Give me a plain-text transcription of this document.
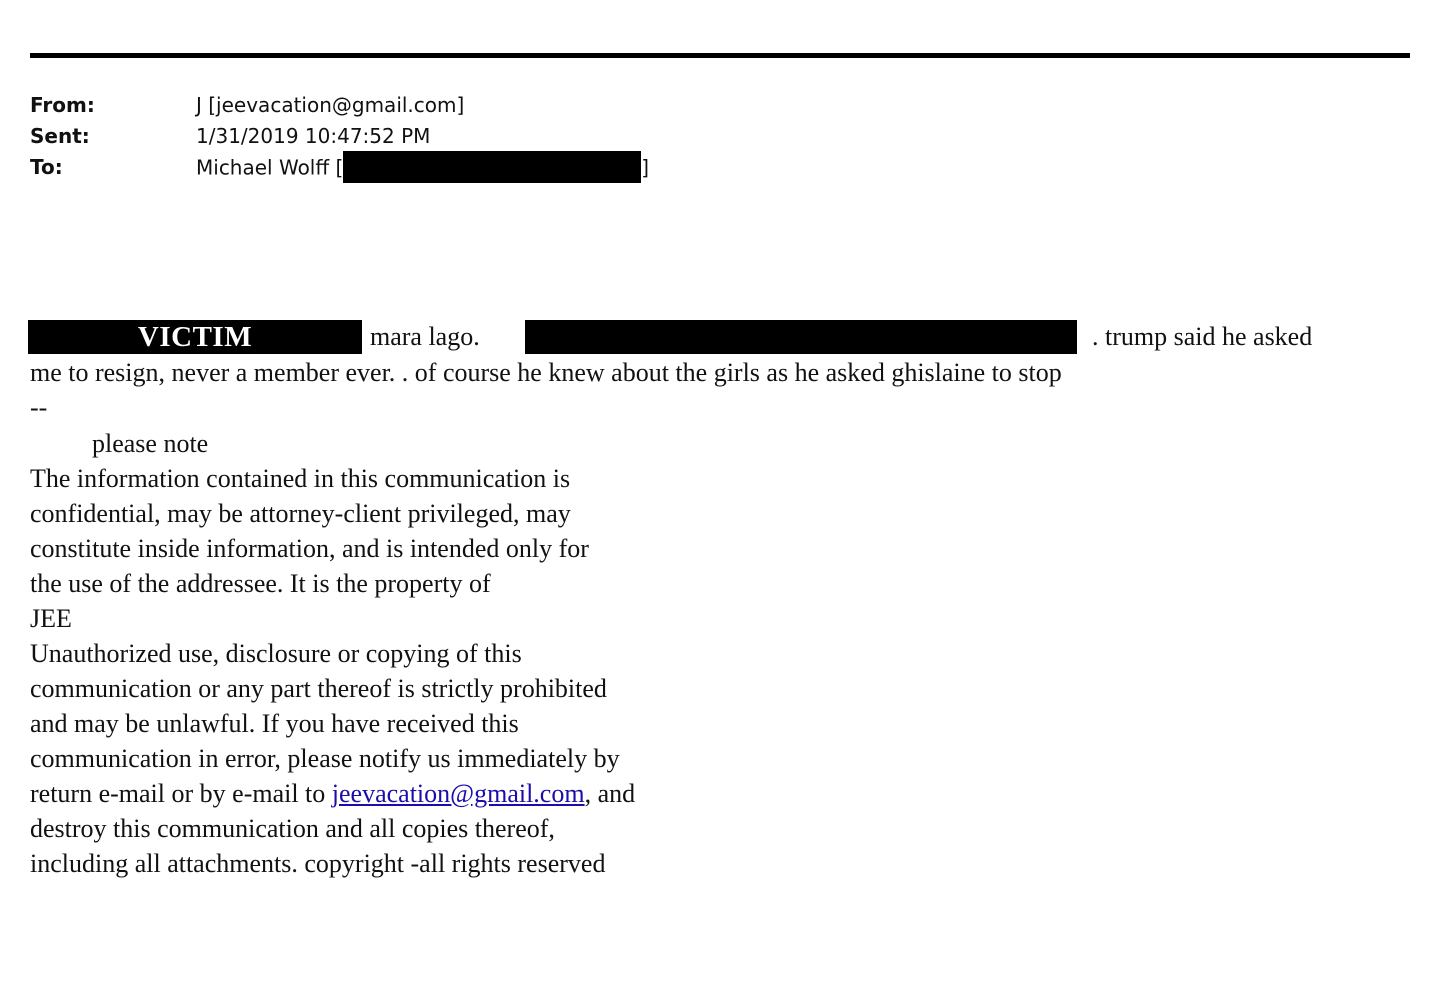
From:	J [jeevacation@gmail.com]
Sent:	1/31/2019 10:47:52 PM
To:	Michael Wolff [	]
VICTIM	mara lago.	. trump said he asked
me to resign, never a member ever. . of course he knew about the girls as he asked ghislaine to stop
--
please note
The information contained in this communication is
confidential, may be attorney-client privileged, may
constitute inside information, and is intended only for
the use of the addressee. It is the property of
JEE
Unauthorized use, disclosure or copying of this
communication or any part thereof is strictly prohibited
and may be unlawful. If you have received this
communication in error, please notify us immediately by
return e-mail or by e-mail to jeevacation@gmail.com, and
destroy this communication and all copies thereof,
including all attachments. copyright -all rights reserved
